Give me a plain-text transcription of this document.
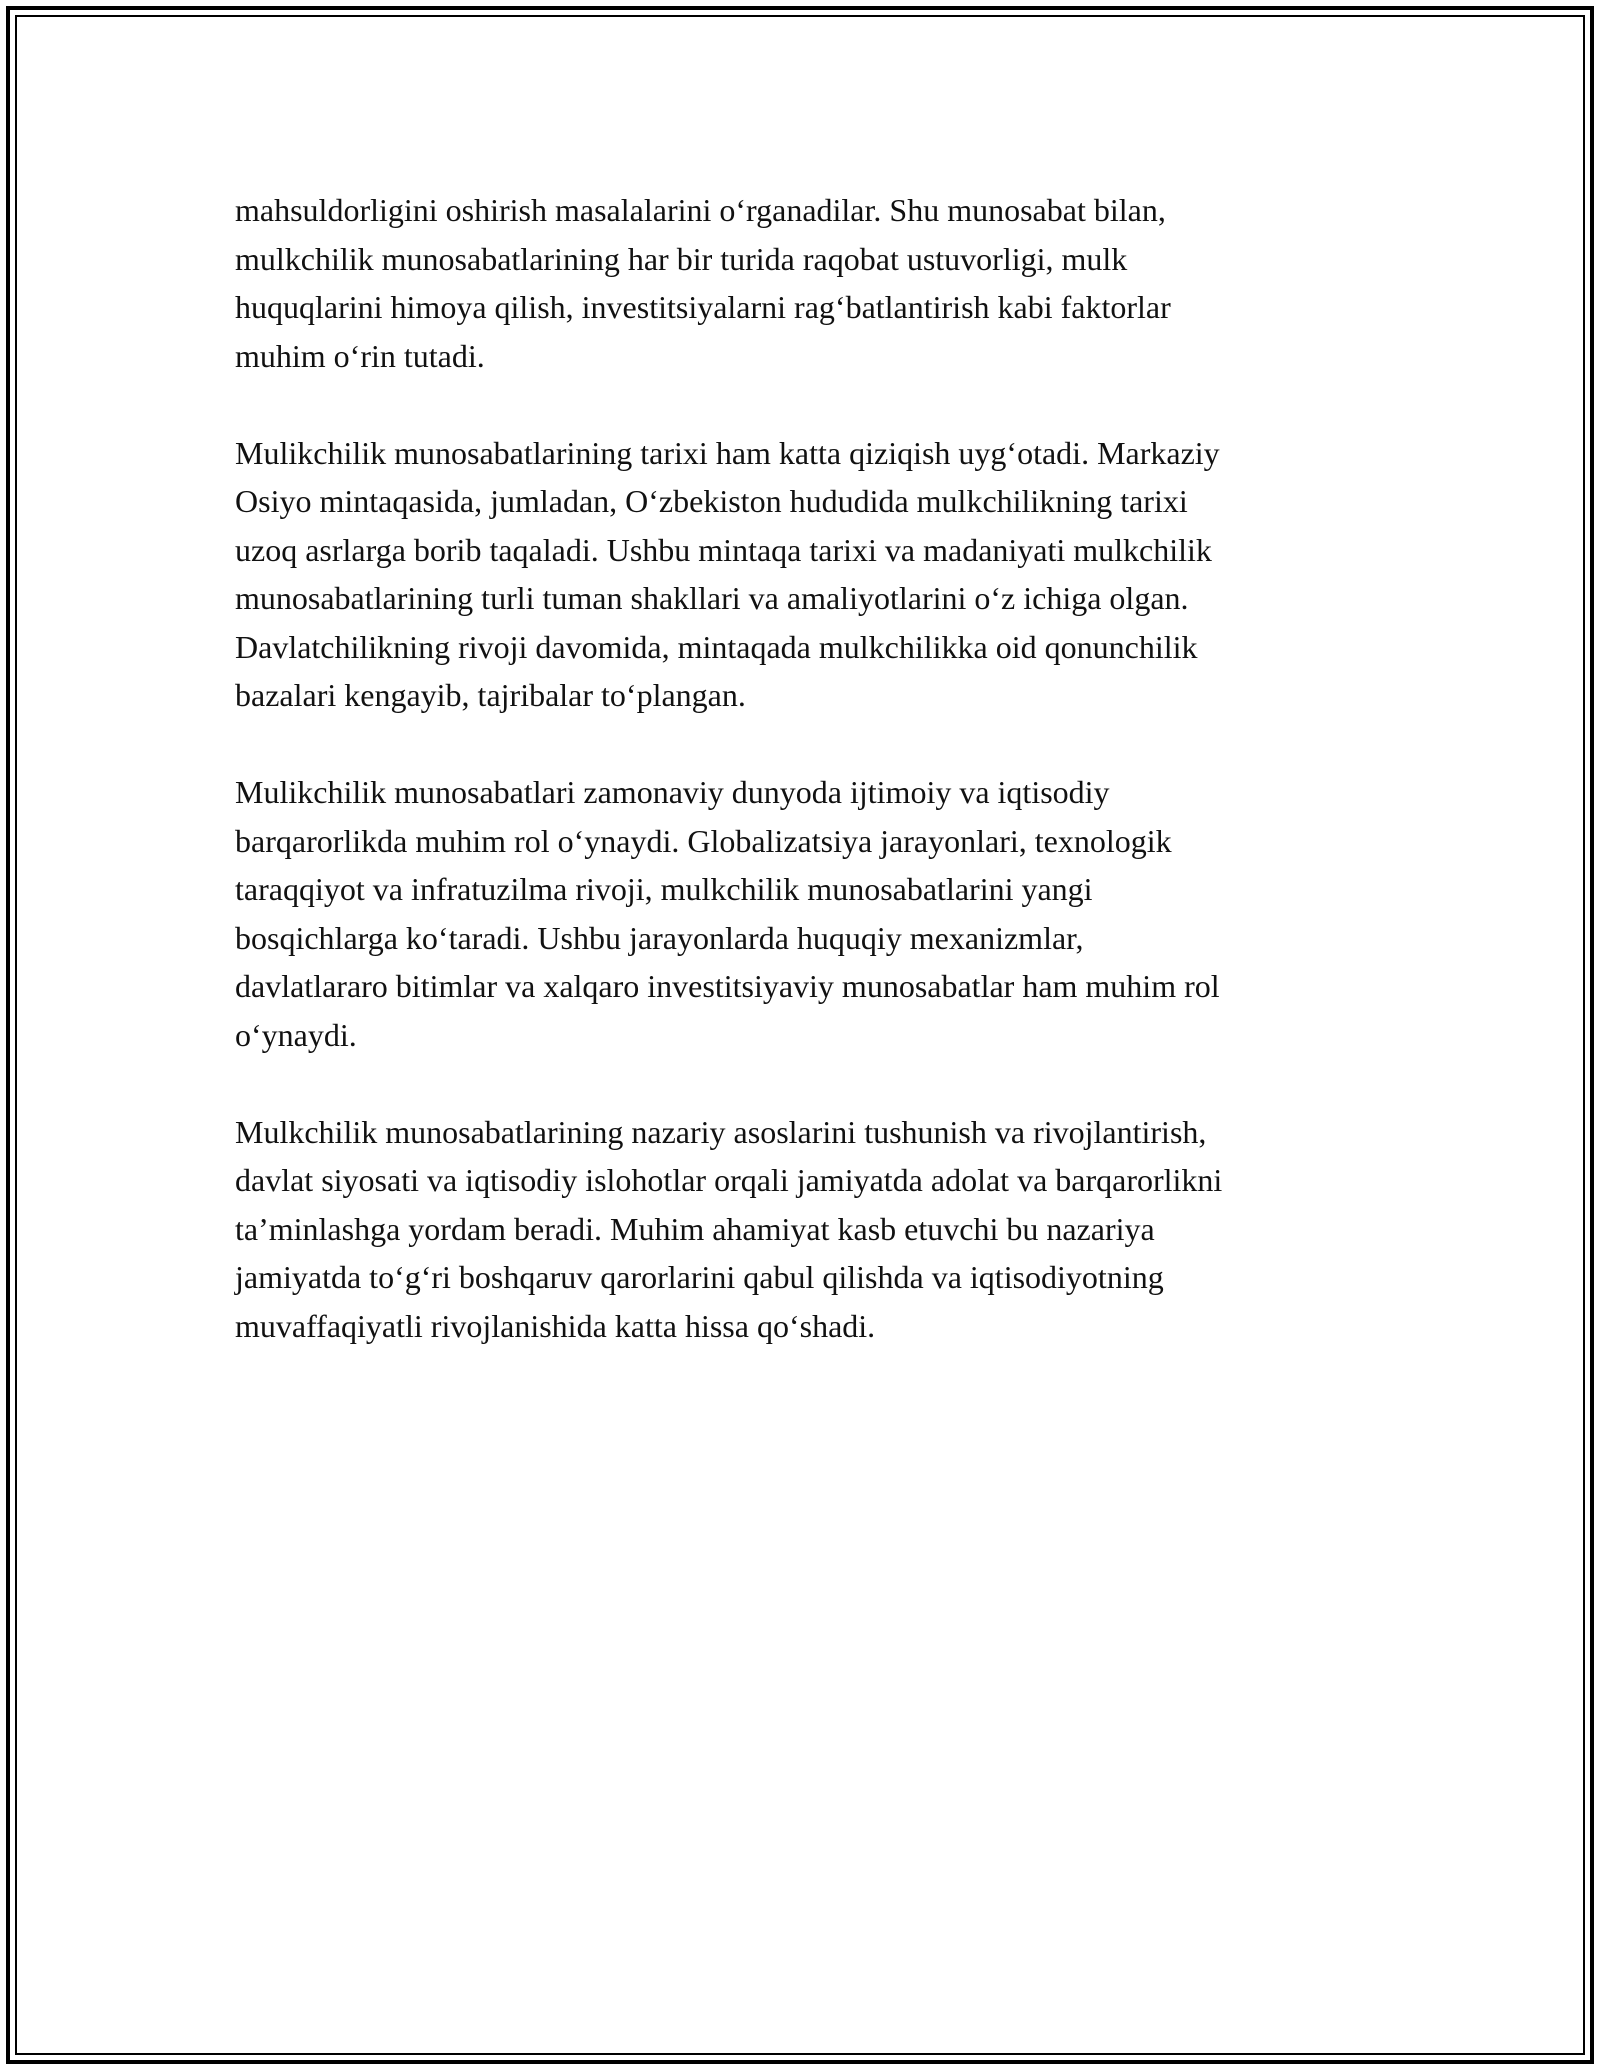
mahsuldorligini oshirish masalalarini o‘rganadilar. Shu munosabat bilan,
mulkchilik munosabatlarining har bir turida raqobat ustuvorligi, mulk
huquqlarini himoya qilish, investitsiyalarni rag‘batlantirish kabi faktorlar
muhim o‘rin tutadi.

Mulikchilik munosabatlarining tarixi ham katta qiziqish uyg‘otadi. Markaziy
Osiyo mintaqasida, jumladan, O‘zbekiston hududida mulkchilikning tarixi
uzoq asrlarga borib taqaladi. Ushbu mintaqa tarixi va madaniyati mulkchilik
munosabatlarining turli tuman shakllari va amaliyotlarini o‘z ichiga olgan.
Davlatchilikning rivoji davomida, mintaqada mulkchilikka oid qonunchilik
bazalari kengayib, tajribalar to‘plangan.

Mulikchilik munosabatlari zamonaviy dunyoda ijtimoiy va iqtisodiy
barqarorlikda muhim rol o‘ynaydi. Globalizatsiya jarayonlari, texnologik
taraqqiyot va infratuzilma rivoji, mulkchilik munosabatlarini yangi
bosqichlarga ko‘taradi. Ushbu jarayonlarda huquqiy mexanizmlar,
davlatlararo bitimlar va xalqaro investitsiyaviy munosabatlar ham muhim rol
o‘ynaydi.

Mulkchilik munosabatlarining nazariy asoslarini tushunish va rivojlantirish,
davlat siyosati va iqtisodiy islohotlar orqali jamiyatda adolat va barqarorlikni
ta’minlashga yordam beradi. Muhim ahamiyat kasb etuvchi bu nazariya
jamiyatda to‘g‘ri boshqaruv qarorlarini qabul qilishda va iqtisodiyotning
muvaffaqiyatli rivojlanishida katta hissa qo‘shadi.
